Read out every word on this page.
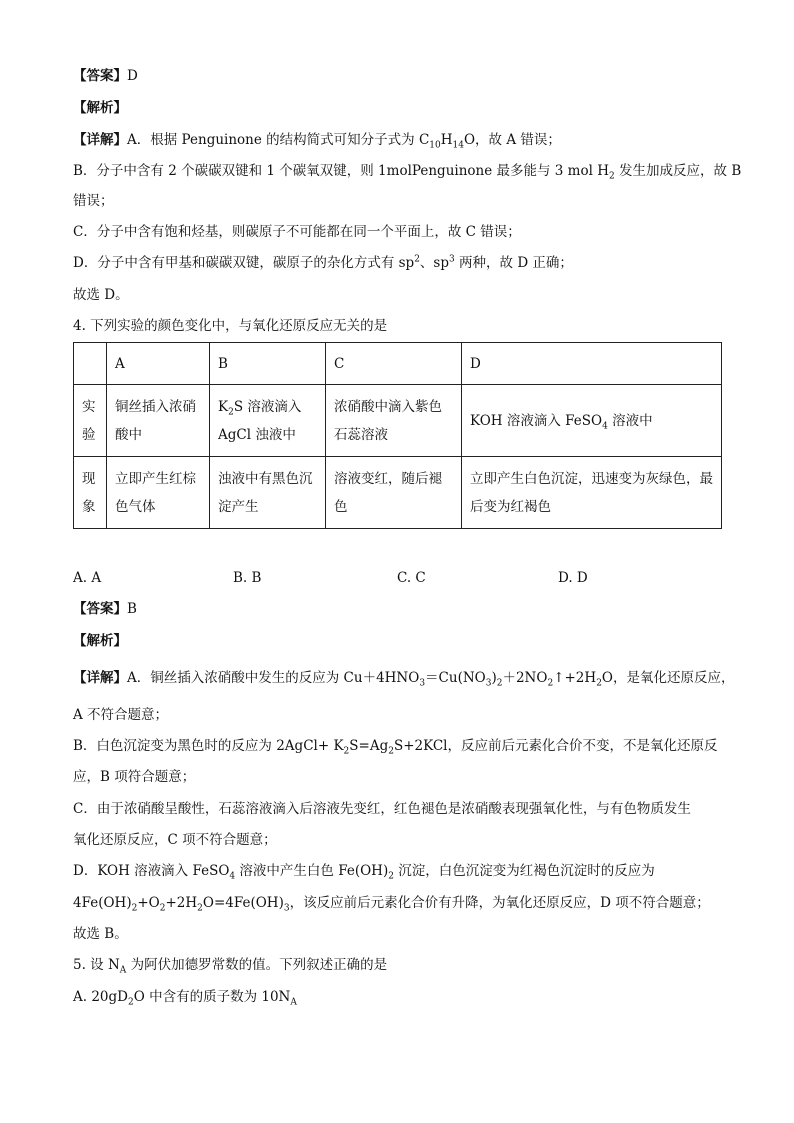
【答案】D
【解析】
【详解】A．根据 Penguinone 的结构简式可知分子式为 $C_{10}H_{14}O$，故 A 错误；
B．分子中含有 2 个碳碳双键和 1 个碳氧双键，则 1molPenguinone 最多能与 3 mol $H_2$ 发生加成反应，故 B
错误；
C．分子中含有饱和烃基，则碳原子不可能都在同一个平面上，故 C 错误；
D．分子中含有甲基和碳碳双键，碳原子的杂化方式有 $sp^2$、$sp^3$ 两种，故 D 正确；
故选 D。
4. 下列实验的颜色变化中，与氧化还原反应无关的是
	A	B	C	D
实验	铜丝插入浓硝酸中	$K_2S$ 溶液滴入 AgCl 浊液中	浓硝酸中滴入紫色石蕊溶液	KOH 溶液滴入 FeSO$_4$ 溶液中
现象	立即产生红棕色气体	浊液中有黑色沉淀产生	溶液变红，随后褪色	立即产生白色沉淀，迅速变为灰绿色，最后变为红褐色
A. A	B. B	C. C	D. D
【答案】B
【解析】
【详解】A．铜丝插入浓硝酸中发生的反应为 $Cu+4HNO_3=Cu(NO_3)_2+2NO_2↑+2H_2O$，是氧化还原反应，
A 不符合题意；
B．白色沉淀变为黑色时的反应为 2AgCl+ $K_2S=Ag_2S+2KCl$，反应前后元素化合价不变，不是氧化还原反
应，B 项符合题意；
C．由于浓硝酸呈酸性，石蕊溶液滴入后溶液先变红，红色褪色是浓硝酸表现强氧化性，与有色物质发生
氧化还原反应，C 项不符合题意；
D．KOH 溶液滴入 FeSO$_4$ 溶液中产生白色 $Fe(OH)_2$ 沉淀，白色沉淀变为红褐色沉淀时的反应为
$4Fe(OH)_2+O_2+2H_2O=4Fe(OH)_3$，该反应前后元素化合价有升降，为氧化还原反应，D 项不符合题意；
故选 B。
5. 设 $N_A$ 为阿伏加德罗常数的值。下列叙述正确的是
A. $20gD_2O$ 中含有的质子数为 $10N_A$
